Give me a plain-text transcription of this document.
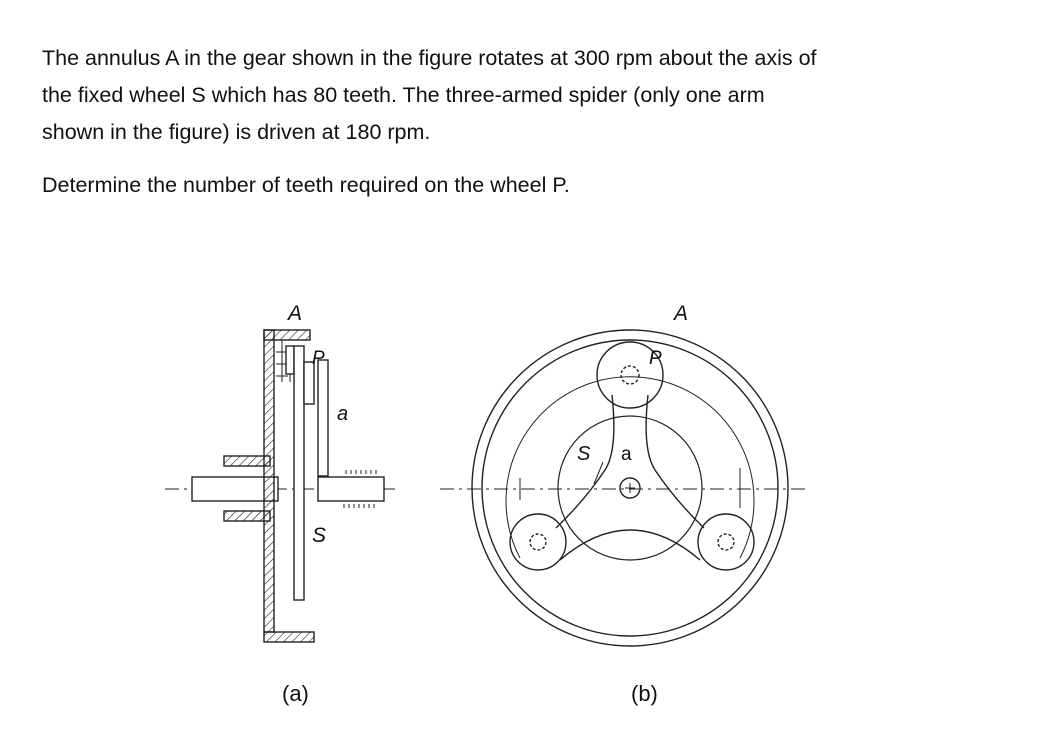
The annulus A in the gear shown in the figure rotates at 300 rpm about the axis of

the fixed wheel S which has 80 teeth. The three-armed spider (only one arm

shown in the figure) is driven at 180 rpm.

Determine the number of teeth required on the wheel P.

A
P
a
S
(a)
A
P
S a
(b)
